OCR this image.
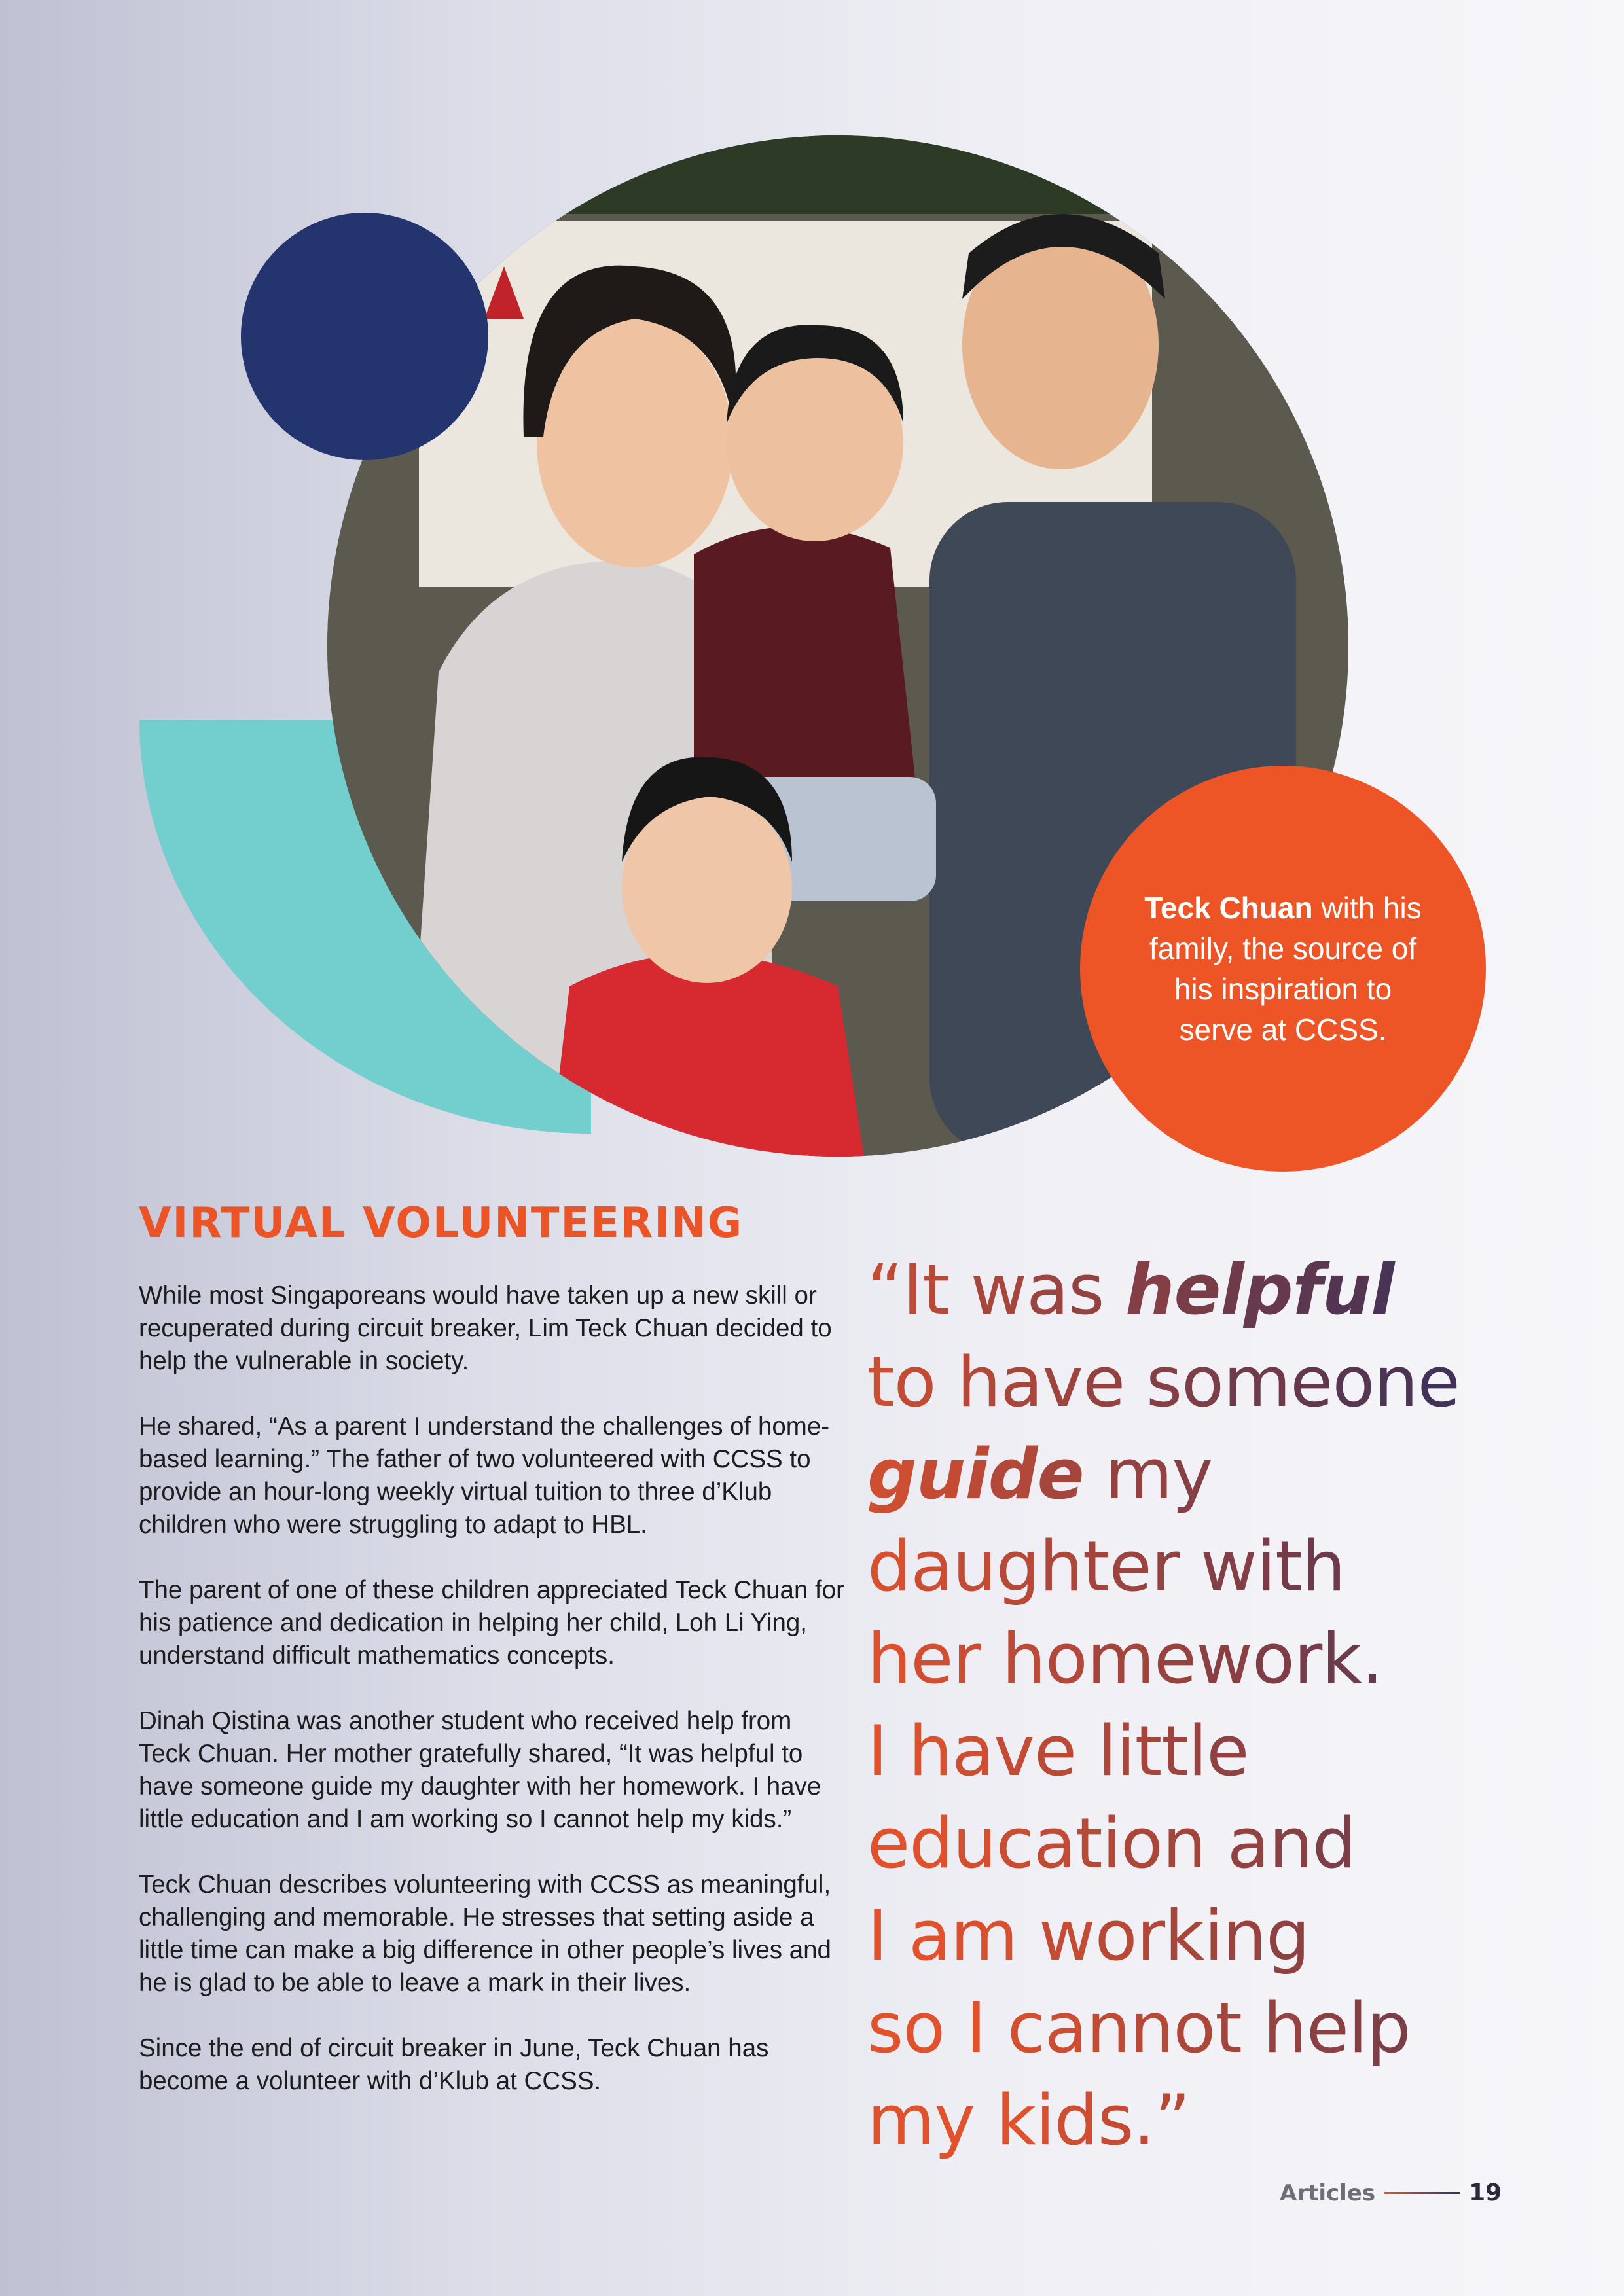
Teck Chuan with his family, the source of his inspiration to serve at CCSS.
VIRTUAL VOLUNTEERING

While most Singaporeans would have taken up a new skill or recuperated during circuit breaker, Lim Teck Chuan decided to help the vulnerable in society.

He shared, “As a parent I understand the challenges of home-based learning.” The father of two volunteered with CCSS to provide an hour-long weekly virtual tuition to three d’Klub children who were struggling to adapt to HBL.

The parent of one of these children appreciated Teck Chuan for his patience and dedication in helping her child, Loh Li Ying, understand difficult mathematics concepts.

Dinah Qistina was another student who received help from Teck Chuan. Her mother gratefully shared, “It was helpful to have someone guide my daughter with her homework. I have little education and I am working so I cannot help my kids.”

Teck Chuan describes volunteering with CCSS as meaningful, challenging and memorable. He stresses that setting aside a little time can make a big difference in other people’s lives and he is glad to be able to leave a mark in their lives.

Since the end of circuit breaker in June, Teck Chuan has become a volunteer with d’Klub at CCSS.

“It was helpful
to have someone
guide my
daughter with
her homework.
I have little
education and
I am working
so I cannot help
my kids.”
Articles	19
